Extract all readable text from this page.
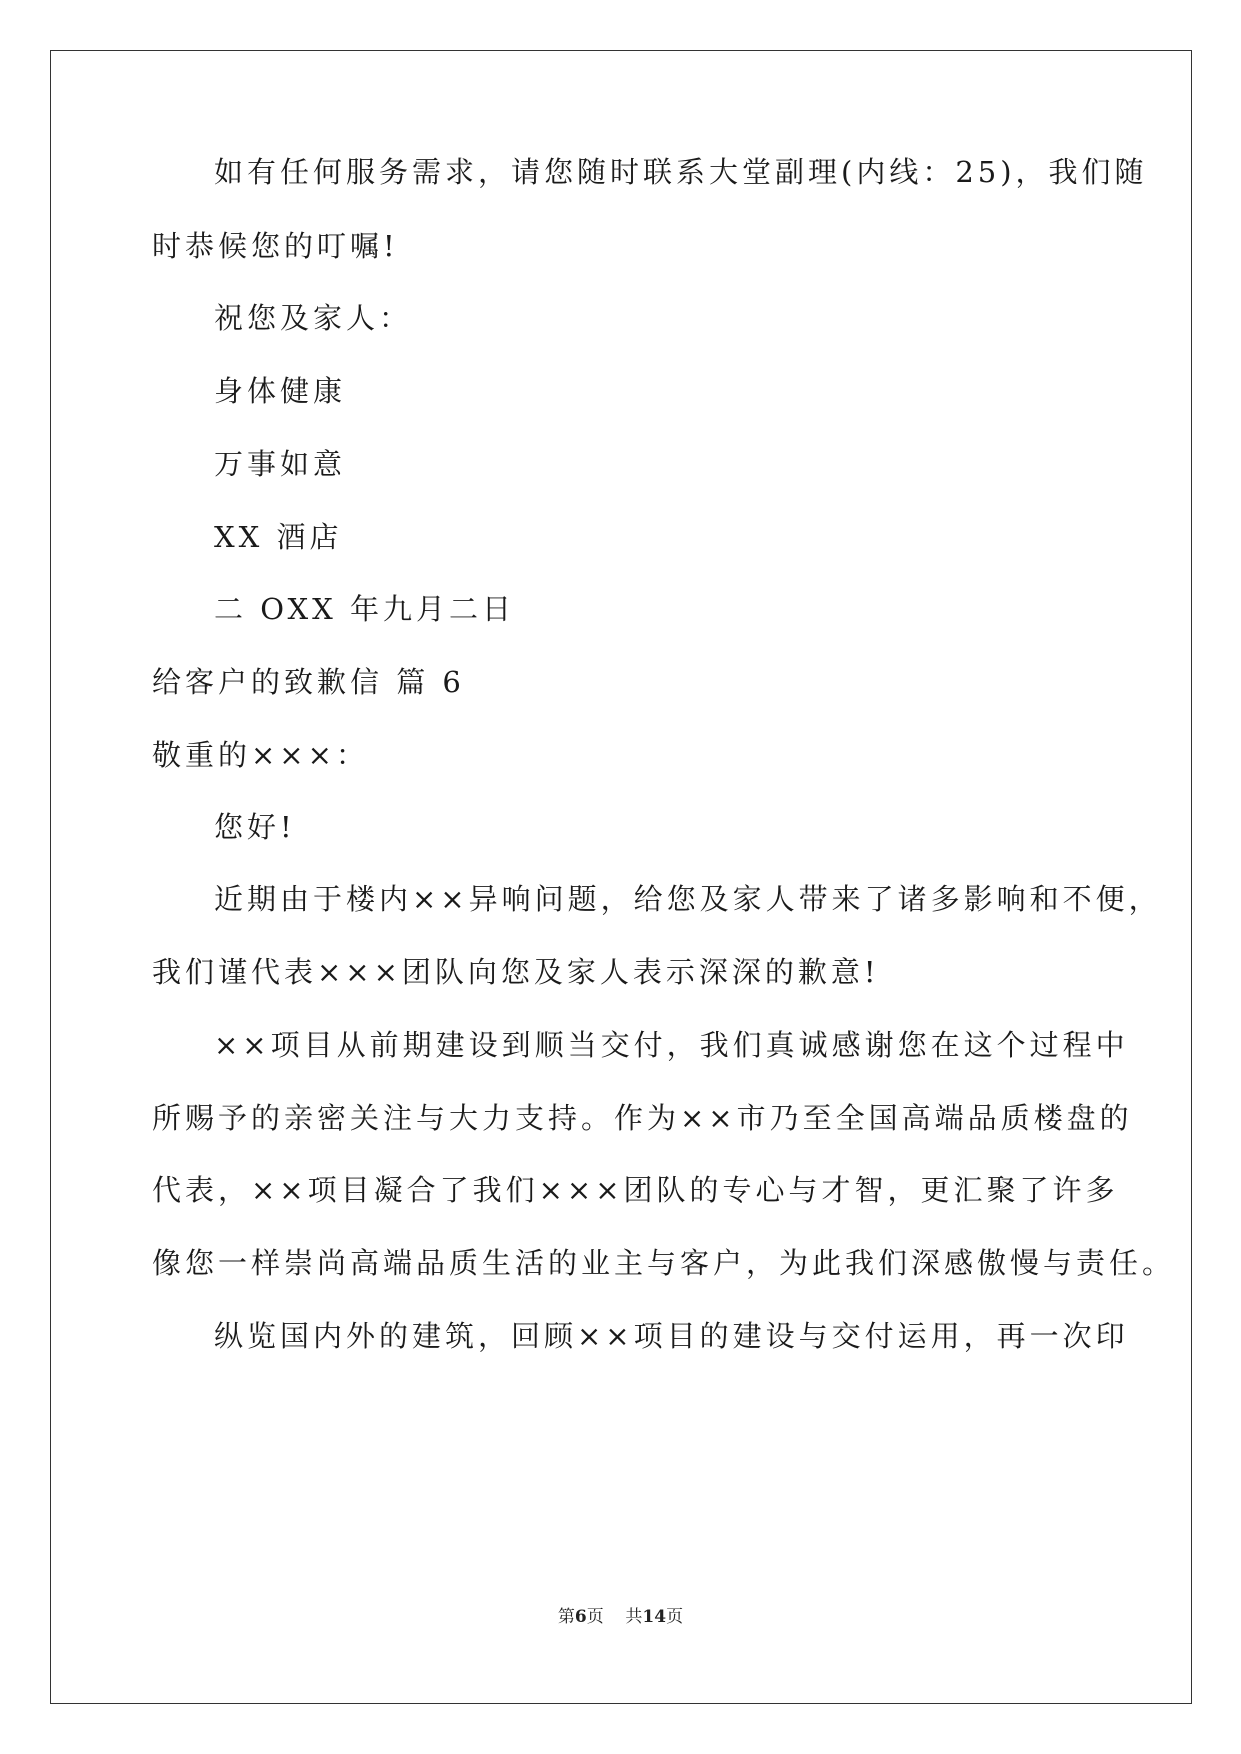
如有任何服务需求，请您随时联系大堂副理(内线：25)，我们随
时恭候您的叮嘱!
祝您及家人：
身体健康
万事如意
XX 酒店
二 OXX 年九月二日
给客户的致歉信 篇 6
敬重的×××：
您好!
近期由于楼内××异响问题，给您及家人带来了诸多影响和不便，
我们谨代表×××团队向您及家人表示深深的歉意!
××项目从前期建设到顺当交付，我们真诚感谢您在这个过程中
所赐予的亲密关注与大力支持。作为××市乃至全国高端品质楼盘的
代表，××项目凝合了我们×××团队的专心与才智，更汇聚了许多
像您一样崇尚高端品质生活的业主与客户，为此我们深感傲慢与责任。
纵览国内外的建筑，回顾××项目的建设与交付运用，再一次印
第6页 共14页
